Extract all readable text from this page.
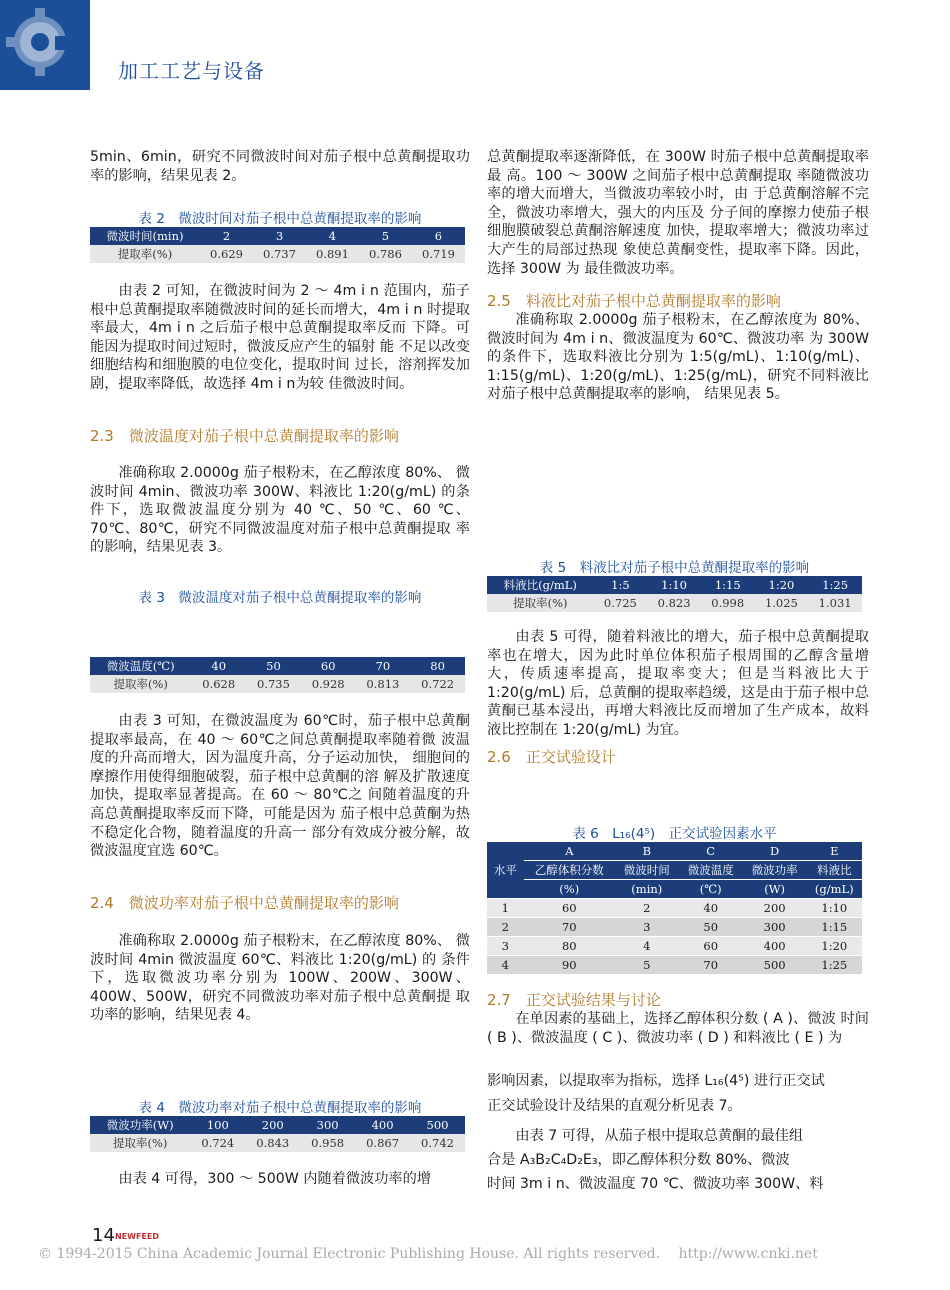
加工工艺与设备

5min、6min，研究不同微波时间对茄子根中总黄酮提取功率的影响，结果见表 2。

表 2　微波时间对茄子根中总黄酮提取率的影响
微波时间(min)	2	3	4	5	6
提取率(%)	0.629	0.737	0.891	0.786	0.719

由表 2 可知，在微波时间为 2 ～ 4m i n 范围内，茄子根中总黄酮提取率随微波时间的延长而增大，4m i n 时提取率最大，4m i n 之后茄子根中总黄酮提取率反而 下降。可能因为提取时间过短时，微波反应产生的辐射 能 不足以改变细胞结构和细胞膜的电位变化，提取时间 过长，溶剂挥发加剧，提取率降低，故选择 4m i n为较 佳微波时间。

2.3　微波温度对茄子根中总黄酮提取率的影响

准确称取 2.0000g 茄子根粉末，在乙醇浓度 80%、 微波时间 4min、微波功率 300W、料液比 1:20(g/mL) 的条件下，选取微波温度分别为 40 ℃、50 ℃、60 ℃、70℃、80℃，研究不同微波温度对茄子根中总黄酮提取 率的影响，结果见表 3。

表 3　微波温度对茄子根中总黄酮提取率的影响
微波温度(℃)	40	50	60	70	80
提取率(%)	0.628	0.735	0.928	0.813	0.722

由表 3 可知，在微波温度为 60℃时，茄子根中总黄酮提取率最高，在 40 ～ 60℃之间总黄酮提取率随着微 波温度的升高而增大，因为温度升高，分子运动加快， 细胞间的摩擦作用使得细胞破裂，茄子根中总黄酮的溶 解及扩散速度加快，提取率显著提高。在 60 ～ 80℃之 间随着温度的升高总黄酮提取率反而下降，可能是因为 茄子根中总黄酮为热不稳定化合物，随着温度的升高一 部分有效成分被分解，故微波温度宜选 60℃。

2.4　微波功率对茄子根中总黄酮提取率的影响

准确称取 2.0000g 茄子根粉末，在乙醇浓度 80%、 微波时间 4min 微波温度 60℃、料液比 1:20(g/mL) 的 条件下，选取微波功率分别为 100W、200W、300W、400W、500W，研究不同微波功率对茄子根中总黄酮提 取功率的影响，结果见表 4。

表 4　微波功率对茄子根中总黄酮提取率的影响
微波功率(W)	100	200	300	400	500
提取率(%)	0.724	0.843	0.958	0.867	0.742

由表 4 可得，300 ～ 500W 内随着微波功率的增

总黄酮提取率逐渐降低，在 300W 时茄子根中总黄酮提取率最 高。100 ～ 300W 之间茄子根中总黄酮提取 率随微波功率的增大而增大，当微波功率较小时，由 于总黄酮溶解不完全，微波功率增大，强大的内压及 分子间的摩擦力使茄子根细胞膜破裂总黄酮溶解速度 加快，提取率增大；微波功率过大产生的局部过热现 象使总黄酮变性，提取率下降。因此，选择 300W 为 最佳微波功率。

2.5　料液比对茄子根中总黄酮提取率的影响

准确称取 2.0000g 茄子根粉末，在乙醇浓度为 80%、微波时间为 4m i n、微波温度为 60℃、微波功率 为 300W 的条件下，选取料液比分别为 1:5(g/mL)、1:10(g/mL)、1:15(g/mL)、1:20(g/mL)、1:25(g/mL)，研究不同料液比对茄子根中总黄酮提取率的影响， 结果见表 5。

表 5　料液比对茄子根中总黄酮提取率的影响
料液比(g/mL)	1:5	1:10	1:15	1:20	1:25
提取率(%)	0.725	0.823	0.998	1.025	1.031

由表 5 可得，随着料液比的增大，茄子根中总黄酮提取率也在增大，因为此时单位体积茄子根周围的乙醇含量增大，传质速率提高，提取率变大；但是当料液比大于 1:20(g/mL) 后，总黄酮的提取率趋缓，这是由于茄子根中总黄酮已基本浸出，再增大料液比反而增加了生产成本，故料液比控制在 1:20(g/mL) 为宜。

2.6　正交试验设计
表 6　L₁₆(4⁵)　正交试验因素水平
水平	A	B	C	D	E
	乙醇体积分数	微波时间	微波温度	微波功率	料液比
	(%)	(min)	(℃)	(W)	(g/mL)
1	60	2	40	200	1:10
2	70	3	50	300	1:15
3	80	4	60	400	1:20
4	90	5	70	500	1:25
2.7　正交试验结果与讨论

在单因素的基础上，选择乙醇体积分数 ( A )、微波 时间 ( B )、微波温度 ( C )、微波功率 ( D ) 和料液比 ( E ) 为

影响因素，以提取率为指标，选择 L₁₆(4⁵) 进行正交试

正交试验设计及结果的直观分析见表 7。

由表 7 可得，从茄子根中提取总黄酮的最佳组

合是 A₃B₂C₄D₂E₃，即乙醇体积分数 80%、微波

时间 3m i n、微波温度 70 ℃、微波功率 300W、料

14 NEWFEED
© 1994-2015 China Academic Journal Electronic Publishing House. All rights reserved.　 http://www.cnki.net
